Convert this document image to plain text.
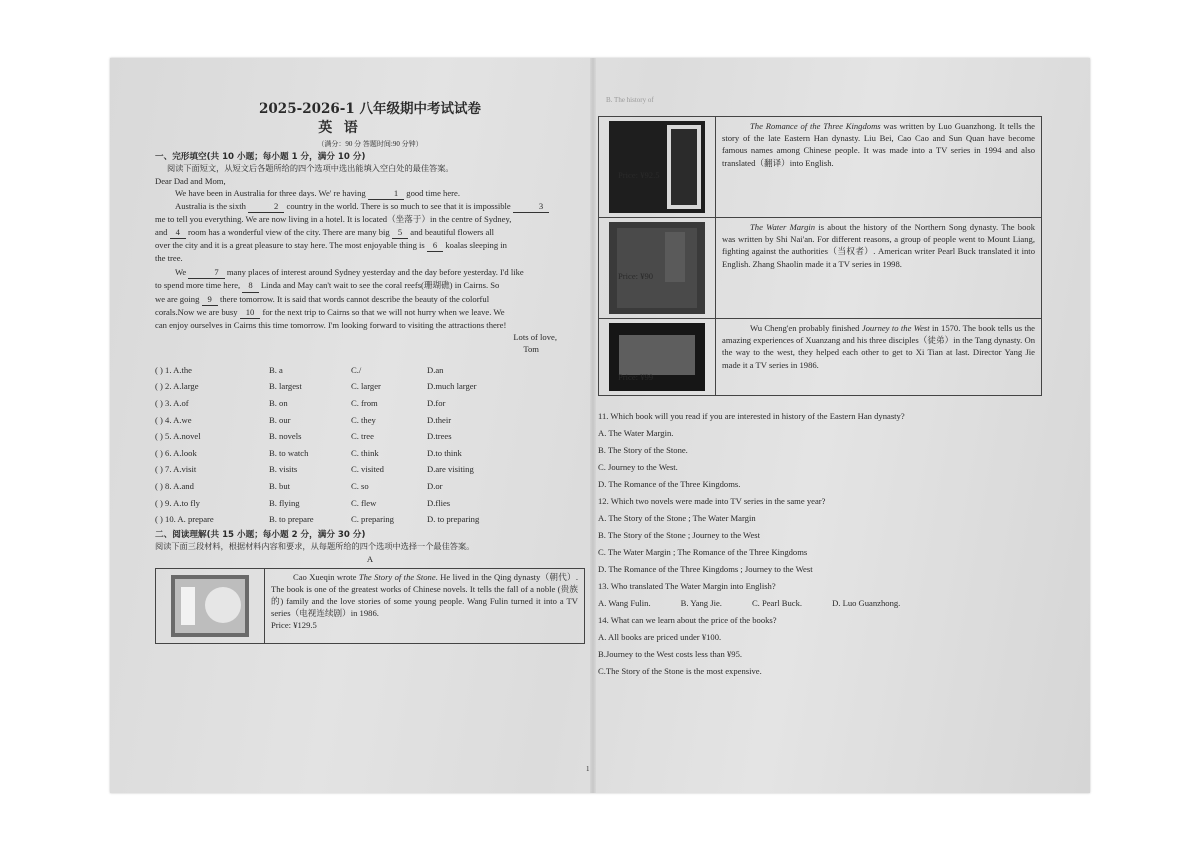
B. The history of
2025-2026-1 八年级期中考试试卷
英 语
（满分：90 分 答题时间:90 分钟）
一、完形填空(共 10 小题；每小题 1 分，满分 10 分)
阅读下面短文，从短文后各题所给的四个选项中选出能填入空白处的最佳答案。

Dear Dad and Mom,

We have been in Australia for three days. We' re having	1 good time here.

Australia is the sixth	2 country in the world. There is so much to see that it is impossible	3

me to tell you everything. We are now living in a hotel. It is located（坐落于）in the centre of Sydney,

and 4 room has a wonderful view of the city. There are many big 5 and beautiful flowers all

over the city and it is a great pleasure to stay here. The most enjoyable thing is 6 koalas sleeping in

the tree.

We	7 many places of interest around Sydney yesterday and the day before yesterday. I'd like

to spend more time here, 8 Linda and May can't wait to see the coral reefs(珊瑚礁) in Cairns. So

we are going 9 there tomorrow. It is said that words cannot describe the beauty of the colorful

corals.Now we are busy 10 for the next trip to Cairns so that we will not hurry when we leave. We

can enjoy ourselves in Cairns this time tomorrow. I'm looking forward to visiting the attractions there!

Lots of love,

Tom

( ) 1. A.the	B. a	C./	D.an
( ) 2. A.large	B. largest	C. larger	D.much larger
( ) 3. A.of	B. on	C. from	D.for
( ) 4. A.we	B. our	C. they	D.their
( ) 5. A.novel	B. novels	C. tree	D.trees
( ) 6. A.look	B. to watch	C. think	D.to think
( ) 7. A.visit	B. visits	C. visited	D.are visiting
( ) 8. A.and	B. but	C. so	D.or
( ) 9. A.to fly	B. flying	C. flew	D.flies
( ) 10. A. prepare	B. to prepare	C. preparing	D. to preparing
二、阅读理解(共 15 小题；每小题 2 分，满分 30 分)
阅读下面三段材料，根据材料内容和要求，从每题所给的四个选项中选择一个最佳答案。
A

Cao Xueqin wrote The Story of the Stone. He lived in the Qing dynasty（朝代）. The book is one of the greatest works of Chinese novels. It tells the fall of a noble (贵族的) family and the love stories of some young people. Wang Fulin turned it into a TV series（电视连续剧）in 1986.

Price: ¥129.5

The Romance of the Three Kingdoms was written by Luo Guanzhong. It tells the story of the late Eastern Han dynasty. Liu Bei, Cao Cao and Sun Quan have become famous names among Chinese people. It was made into a TV series in 1994 and also translated（翻译）into English.

Price: ¥92.5

The Water Margin is about the history of the Northern Song dynasty. The book was written by Shi Nai'an. For different reasons, a group of people went to Mount Liang, fighting against the authorities（当权者）. American writer Pearl Buck translated it into English. Zhang Shaolin made it a TV series in 1998.

Price: ¥90

Wu Cheng'en probably finished Journey to the West in 1570. The book tells us the amazing experiences of Xuanzang and his three disciples（徒弟）in the Tang dynasty. On the way to the west, they helped each other to get to Xi Tian at last. Director Yang Jie made it a TV series in 1986.

Price: ¥99

11. Which book will you read if you are interested in history of the Eastern Han dynasty?

A. The Water Margin.

B. The Story of the Stone.

C. Journey to the West.

D. The Romance of the Three Kingdoms.

12. Which two novels were made into TV series in the same year?

A. The Story of the Stone ; The Water Margin

B. The Story of the Stone ; Journey to the West

C. The Water Margin ; The Romance of the Three Kingdoms

D. The Romance of the Three Kingdoms ; Journey to the West

13. Who translated The Water Margin into English?

A. Wang Fulin.	B. Yang Jie.	C. Pearl Buck.	D. Luo Guanzhong.

14. What can we learn about the price of the books?

A. All books are priced under ¥100.

B.Journey to the West costs less than ¥95.

C.The Story of the Stone is the most expensive.

1
